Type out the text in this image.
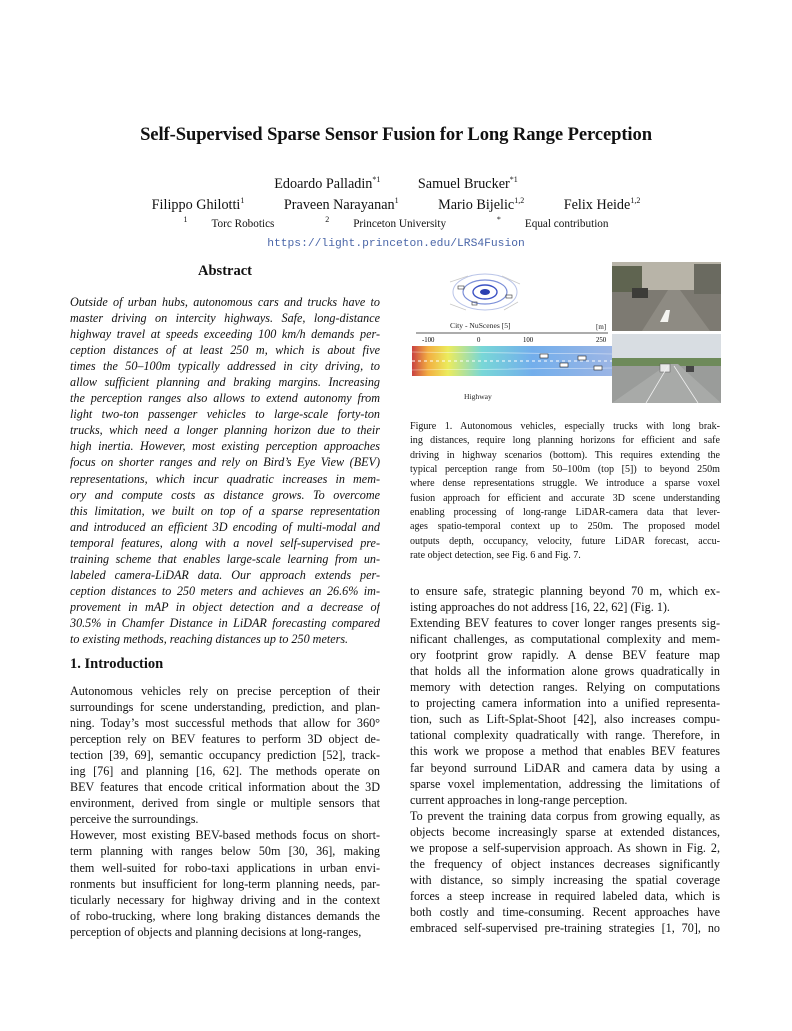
Self-Supervised Sparse Sensor Fusion for Long Range Perception
Edoardo Palladin*1	Samuel Brucker*1
Filippo Ghilotti1	Praveen Narayanan1	Mario Bijelic1,2	Felix Heide1,2
$^1$ Torc Robotics	$^2$ Princeton University	* Equal contribution
https://light.princeton.edu/LRS4Fusion
Abstract
Outside of urban hubs, autonomous cars and trucks have to
master driving on intercity highways. Safe, long-distance
highway travel at speeds exceeding 100 km/h demands per-
ception distances of at least 250 m, which is about five
times the 50–100m typically addressed in city driving, to
allow sufficient planning and braking margins. Increasing
the perception ranges also allows to extend autonomy from
light two-ton passenger vehicles to large-scale forty-ton
trucks, which need a longer planning horizon due to their
high inertia. However, most existing perception approaches
focus on shorter ranges and rely on Bird’s Eye View (BEV)
representations, which incur quadratic increases in mem-
ory and compute costs as distance grows. To overcome
this limitation, we built on top of a sparse representation
and introduced an efficient 3D encoding of multi-modal and
temporal features, along with a novel self-supervised pre-
training scheme that enables large-scale learning from un-
labeled camera-LiDAR data. Our approach extends per-
ception distances to 250 meters and achieves an 26.6% im-
provement in mAP in object detection and a decrease of
30.5% in Chamfer Distance in LiDAR forecasting compared
to existing methods, reaching distances up to 250 meters.
1. Introduction
Autonomous vehicles rely on precise perception of their
surroundings for scene understanding, prediction, and plan-
ning. Today’s most successful methods that allow for 360°
perception rely on BEV features to perform 3D object de-
tection [39, 69], semantic occupancy prediction [52], track-
ing [76] and planning [16, 62]. The methods operate on
BEV features that encode critical information about the 3D
environment, derived from single or multiple sensors that
perceive the surroundings.
However, most existing BEV-based methods focus on short-
term planning with ranges below 50m [30, 36], making
them well-suited for robo-taxi applications in urban envi-
ronments but insufficient for long-term planning needs, par-
ticularly necessary for highway driving and in the context
of robo-trucking, where long braking distances demands the
perception of objects and planning decisions at long-ranges,
City - NuScenes [5]	[m]
-100	0	100	250
Highway
Figure 1. Autonomous vehicles, especially trucks with long brak-
ing distances, require long planning horizons for efficient and safe
driving in highway scenarios (bottom). This requires extending the
typical perception range from 50–100m (top [5]) to beyond 250m
where dense representations struggle. We introduce a sparse voxel
fusion approach for efficient and accurate 3D scene understanding
enabling processing of long-range LiDAR-camera data that lever-
ages spatio-temporal context up to 250m. The proposed model
outputs depth, occupancy, velocity, future LiDAR forecast, accu-
rate object detection, see Fig. 6 and Fig. 7.
to ensure safe, strategic planning beyond 70 m, which ex-
isting approaches do not address [16, 22, 62] (Fig. 1).
Extending BEV features to cover longer ranges presents sig-
nificant challenges, as computational complexity and mem-
ory footprint grow rapidly. A dense BEV feature map
that holds all the information alone grows quadratically in
memory with detection ranges. Relying on computations
to projecting camera information into a unified representa-
tion, such as Lift-Splat-Shoot [42], also increases compu-
tational complexity quadratically with range. Therefore, in
this work we propose a method that enables BEV features
far beyond surround LiDAR and camera data by using a
sparse voxel implementation, addressing the limitations of
current approaches in long-range perception.
To prevent the training data corpus from growing equally, as
objects become increasingly sparse at extended distances,
we propose a self-supervision approach. As shown in Fig. 2,
the frequency of object instances decreases significantly
with distance, so simply increasing the spatial coverage
forces a steep increase in required labeled data, which is
both costly and time-consuming. Recent approaches have
embraced self-supervised pre-training strategies [1, 70], no
